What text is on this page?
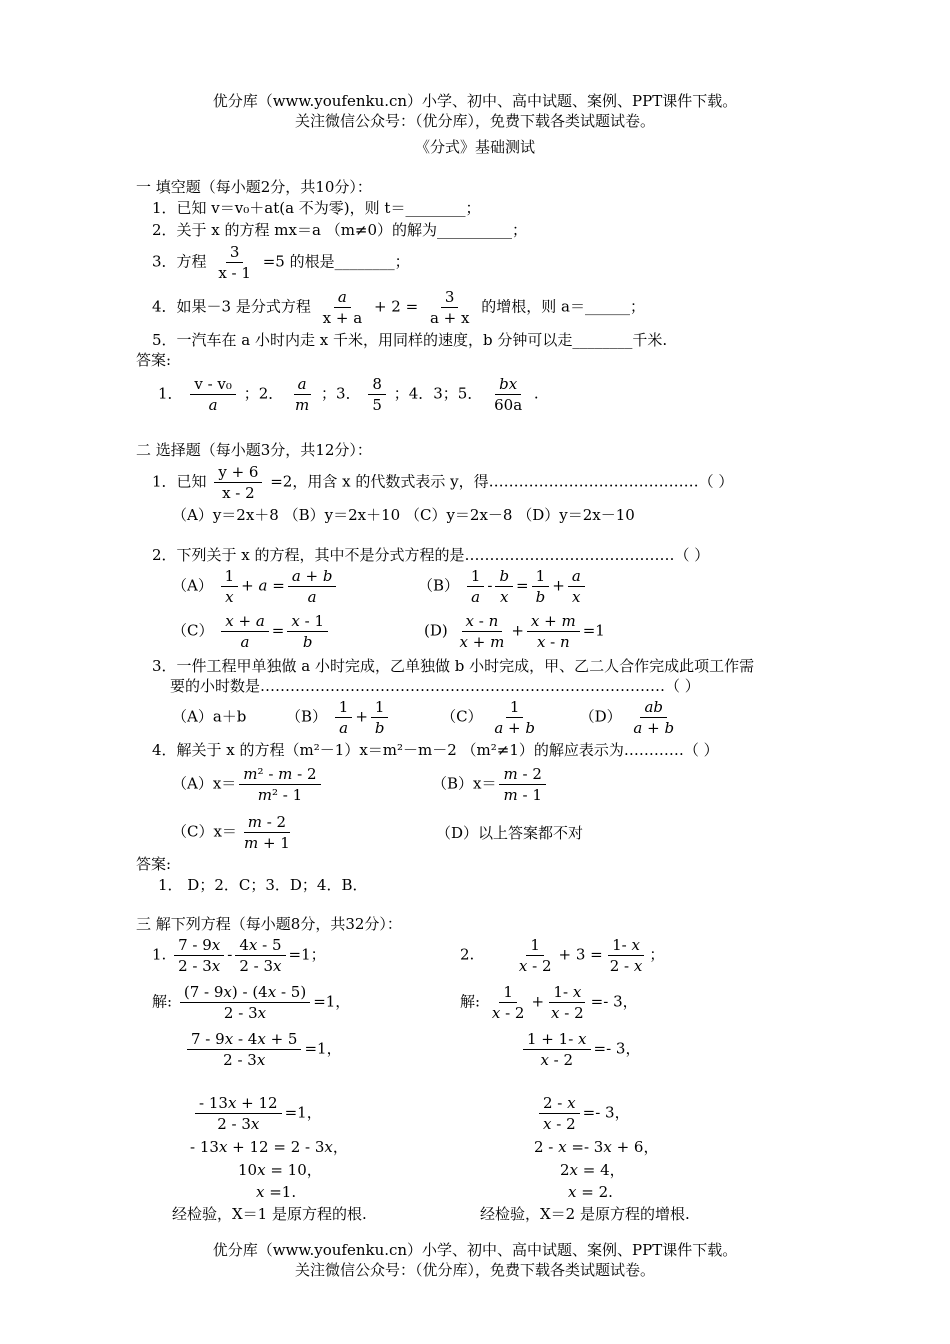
优分库（www.youfenku.cn）小学、初中、高中试题、案例、PPT课件下载。
关注微信公众号：（优分库），免费下载各类试题试卷。
《分式》基础测试
一 填空题（每小题2分，共10分）：
1．已知 v＝v₀＋at(a 不为零)，则 t＝________；
2．关于 x 的方程 mx＝a （m≠0）的解为__________；
3．方程 $\frac{3}{x - 1} =5$ 的根是________；
4．如果－3 是分式方程 $\frac{a}{x + a} + 2 = \frac{3}{a + x}$ 的增根，则 a＝______；
5．一汽车在 a 小时内走 x 千米，用同样的速度，b 分钟可以走________千米.
答案:
1． $\frac{\text{v - v₀}}{a}$ ；2． $\frac{a}{m}$ ；3． $\frac{8}{5}$ ；4．3；5． $\frac{bx}{60a}$ .
二 选择题（每小题3分，共12分）：
1．已知 $\frac{y + 6}{x - 2} =2$，用含 x 的代数式表示 y，得……………………………………（ ）
（A）y＝2x＋8 （B）y＝2x＋10 （C）y＝2x－8 （D）y＝2x－10
2．下列关于 x 的方程，其中不是分式方程的是……………………………………（ ）
$(A) \frac{1}{x} + a = \frac{a + b}{a}$	$(B) \frac{1}{a} - \frac{b}{x} = \frac{1}{b} + \frac{a}{x}$
$(C) \frac{x + a}{a} = \frac{x - 1}{b}$	$(D) \frac{x - n}{x + m} + \frac{x + m}{x - n} =1$
3．一件工程甲单独做 a 小时完成，乙单独做 b 小时完成，甲、乙二人合作完成此项工作需
要的小时数是………………………………………………………………………（ ）
（A）a＋b	$(B) \frac{1}{a} + \frac{1}{b}$	$(C) \frac{1}{a + b}$	$(D) \frac{ab}{a + b}$
4．解关于 x 的方程（m²－1）x＝m²－m－2 （m²≠1）的解应表示为…………（ ）
$(A)x= \frac{\text{m² - m - 2}}{\text{m² - 1}}$	$(B)x= \frac{m - 2}{m - 1}$
$(C)x= \frac{m - 2}{m + 1}$	（D）以上答案都不对
答案:
1． D；2．C；3．D；4．B．
三 解下列方程（每小题8分，共32分）：
1. $\frac{7 - 9x}{2 - 3x} - \frac{4x - 5}{2 - 3x} =1$；
解: $\frac{(7 - 9x) - (4x - 5)}{2 - 3x} =1$，
$\frac{7 - 9x - 4x + 5}{2 - 3x} =1$，
$\frac{- 13x + 12}{2 - 3x} =1$，
- 13x + 12 = 2 - 3x，
10x = 10，
x =1.
经检验，X＝1 是原方程的根.
2.	$\frac{1}{x - 2} + 3 = \frac{1- x}{2 - x}$ ；
解: $\frac{1}{x - 2} + \frac{1- x}{x - 2} =- 3$，
$\frac{1 + 1- x}{x - 2} =- 3$，
$\frac{2 - x}{x - 2} =- 3$，
2 - x =- 3x + 6，
2x = 4，
x = 2.
经检验，X＝2 是原方程的增根.
优分库（www.youfenku.cn）小学、初中、高中试题、案例、PPT课件下载。
关注微信公众号：（优分库），免费下载各类试题试卷。
